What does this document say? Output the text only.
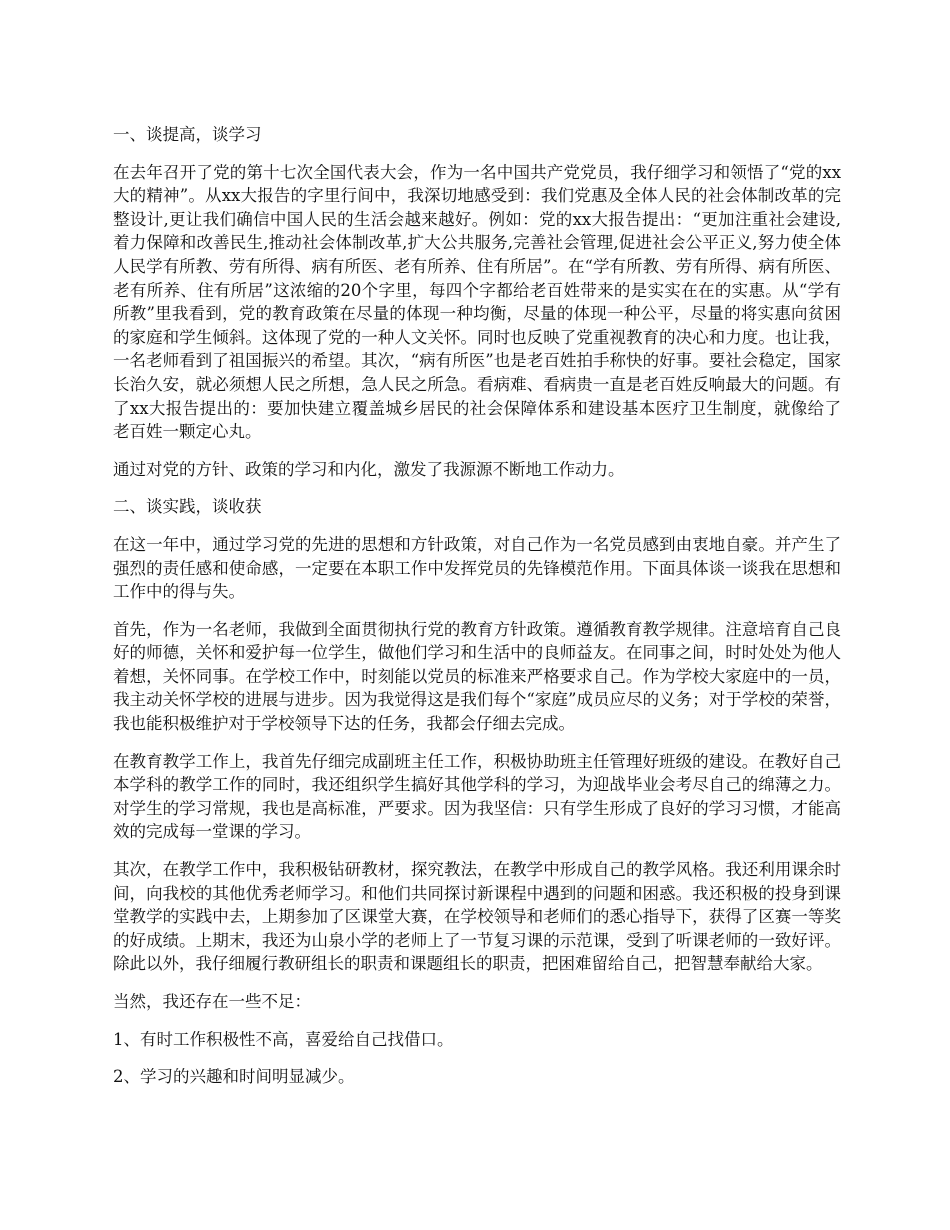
一、谈提高，谈学习

在去年召开了党的第十七次全国代表大会，作为一名中国共产党党员，我仔细学习和领悟了“党的xx大的精神”。从xx大报告的字里行间中，我深切地感受到：我们党惠及全体人民的社会体制改革的完整设计,更让我们确信中国人民的生活会越来越好。例如：党的xx大报告提出：“更加注重社会建设,着力保障和改善民生,推动社会体制改革,扩大公共服务,完善社会管理,促进社会公平正义,努力使全体人民学有所教、劳有所得、病有所医、老有所养、住有所居”。在“学有所教、劳有所得、病有所医、老有所养、住有所居”这浓缩的20个字里，每四个字都给老百姓带来的是实实在在的实惠。从“学有所教”里我看到，党的教育政策在尽量的体现一种均衡，尽量的体现一种公平，尽量的将实惠向贫困的家庭和学生倾斜。这体现了党的一种人文关怀。同时也反映了党重视教育的决心和力度。也让我，一名老师看到了祖国振兴的希望。其次，“病有所医”也是老百姓拍手称快的好事。要社会稳定，国家长治久安，就必须想人民之所想，急人民之所急。看病难、看病贵一直是老百姓反响最大的问题。有了xx大报告提出的：要加快建立覆盖城乡居民的社会保障体系和建设基本医疗卫生制度，就像给了老百姓一颗定心丸。

通过对党的方针、政策的学习和内化，激发了我源源不断地工作动力。

二、谈实践，谈收获

在这一年中，通过学习党的先进的思想和方针政策，对自己作为一名党员感到由衷地自豪。并产生了强烈的责任感和使命感，一定要在本职工作中发挥党员的先锋模范作用。下面具体谈一谈我在思想和工作中的得与失。

首先，作为一名老师，我做到全面贯彻执行党的教育方针政策。遵循教育教学规律。注意培育自己良好的师德，关怀和爱护每一位学生，做他们学习和生活中的良师益友。在同事之间，时时处处为他人着想，关怀同事。在学校工作中，时刻能以党员的标准来严格要求自己。作为学校大家庭中的一员，我主动关怀学校的进展与进步。因为我觉得这是我们每个“家庭”成员应尽的义务；对于学校的荣誉，我也能积极维护对于学校领导下达的任务，我都会仔细去完成。

在教育教学工作上，我首先仔细完成副班主任工作，积极协助班主任管理好班级的建设。在教好自己本学科的教学工作的同时，我还组织学生搞好其他学科的学习，为迎战毕业会考尽自己的绵薄之力。对学生的学习常规，我也是高标准，严要求。因为我坚信：只有学生形成了良好的学习习惯，才能高效的完成每一堂课的学习。

其次，在教学工作中，我积极钻研教材，探究教法，在教学中形成自己的教学风格。我还利用课余时间，向我校的其他优秀老师学习。和他们共同探讨新课程中遇到的问题和困惑。我还积极的投身到课堂教学的实践中去，上期参加了区课堂大赛，在学校领导和老师们的悉心指导下，获得了区赛一等奖的好成绩。上期末，我还为山泉小学的老师上了一节复习课的示范课，受到了听课老师的一致好评。除此以外，我仔细履行教研组长的职责和课题组长的职责，把困难留给自己，把智慧奉献给大家。

当然，我还存在一些不足：

1、有时工作积极性不高，喜爱给自己找借口。

2、学习的兴趣和时间明显减少。
